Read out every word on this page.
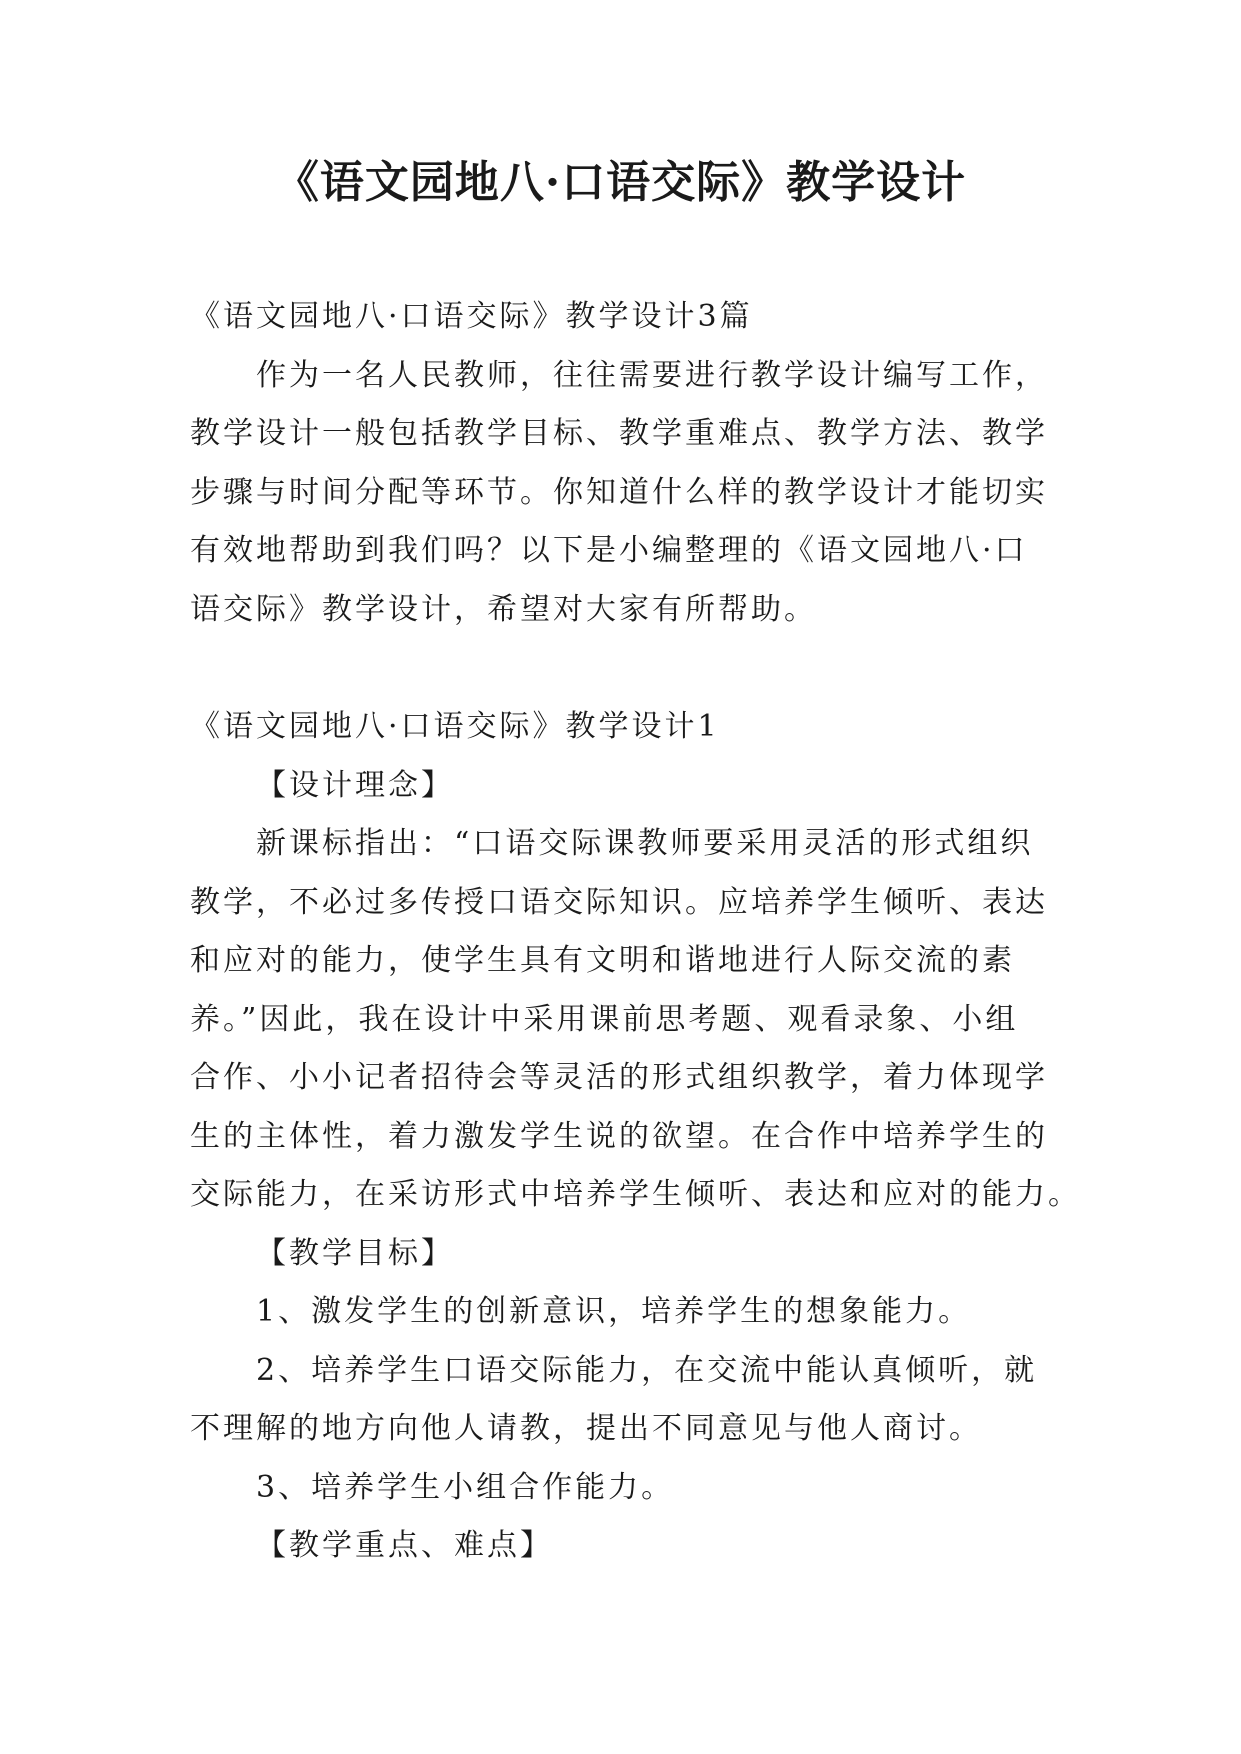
《语文园地八·口语交际》教学设计

《语文园地八·口语交际》教学设计3篇

作为一名人民教师，往往需要进行教学设计编写工作，

教学设计一般包括教学目标、教学重难点、教学方法、教学

步骤与时间分配等环节。你知道什么样的教学设计才能切实

有效地帮助到我们吗？以下是小编整理的《语文园地八·口

语交际》教学设计，希望对大家有所帮助。

《语文园地八·口语交际》教学设计1

【设计理念】

新课标指出：“口语交际课教师要采用灵活的形式组织

教学，不必过多传授口语交际知识。应培养学生倾听、表达

和应对的能力，使学生具有文明和谐地进行人际交流的素

养。”因此，我在设计中采用课前思考题、观看录象、小组

合作、小小记者招待会等灵活的形式组织教学，着力体现学

生的主体性，着力激发学生说的欲望。在合作中培养学生的

交际能力，在采访形式中培养学生倾听、表达和应对的能力。

【教学目标】

1、激发学生的创新意识，培养学生的想象能力。

2、培养学生口语交际能力，在交流中能认真倾听，就

不理解的地方向他人请教，提出不同意见与他人商讨。

3、培养学生小组合作能力。

【教学重点、难点】
